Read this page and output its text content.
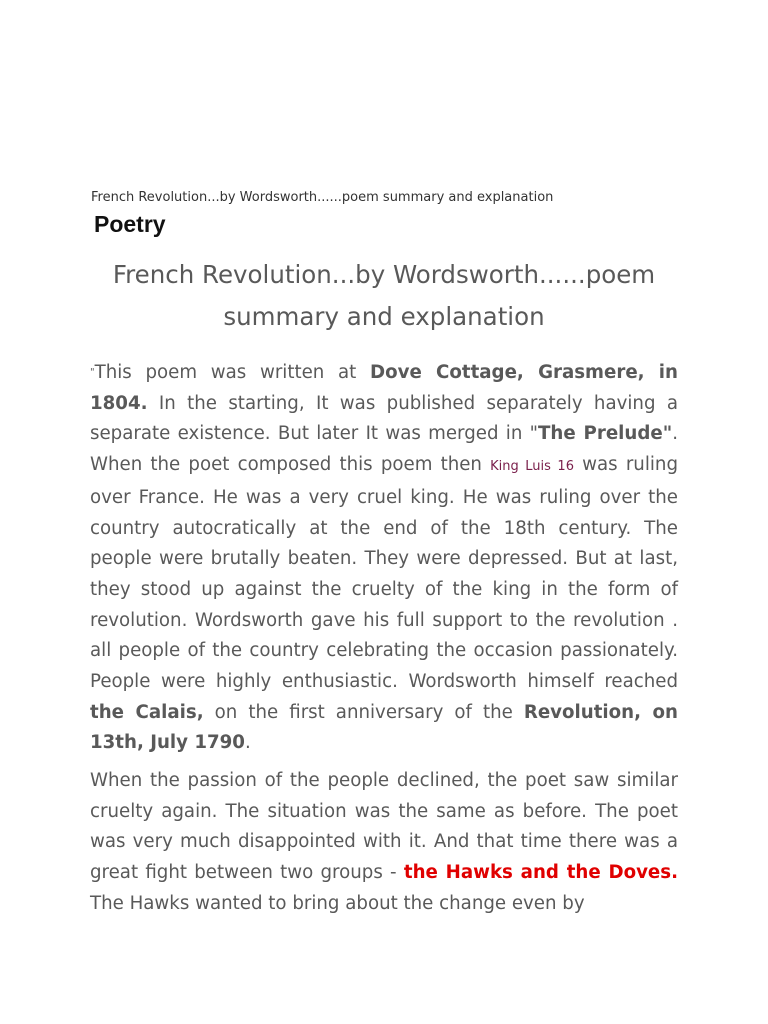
French Revolution...by Wordsworth......poem summary and explanation
Poetry
French Revolution...by Wordsworth......poem summary and explanation

"This poem was written at Dove Cottage, Grasmere, in 1804. In the starting, It was published separately having a separate existence. But later It was merged in "The Prelude". When the poet composed this poem then King Luis 16 was ruling over France. He was a very cruel king. He was ruling over the country autocratically at the end of the 18th century. The people were brutally beaten. They were depressed. But at last, they stood up against the cruelty of the king in the form of revolution. Wordsworth gave his full support to the revolution . all people of the country celebrating the occasion passionately. People were highly enthusiastic. Wordsworth himself reached the Calais, on the first anniversary of the Revolution, on 13th, July 1790.

When the passion of the people declined, the poet saw similar cruelty again. The situation was the same as before. The poet was very much disappointed with it. And that time there was a great fight between two groups - the Hawks and the Doves. The Hawks wanted to bring about the change even by
